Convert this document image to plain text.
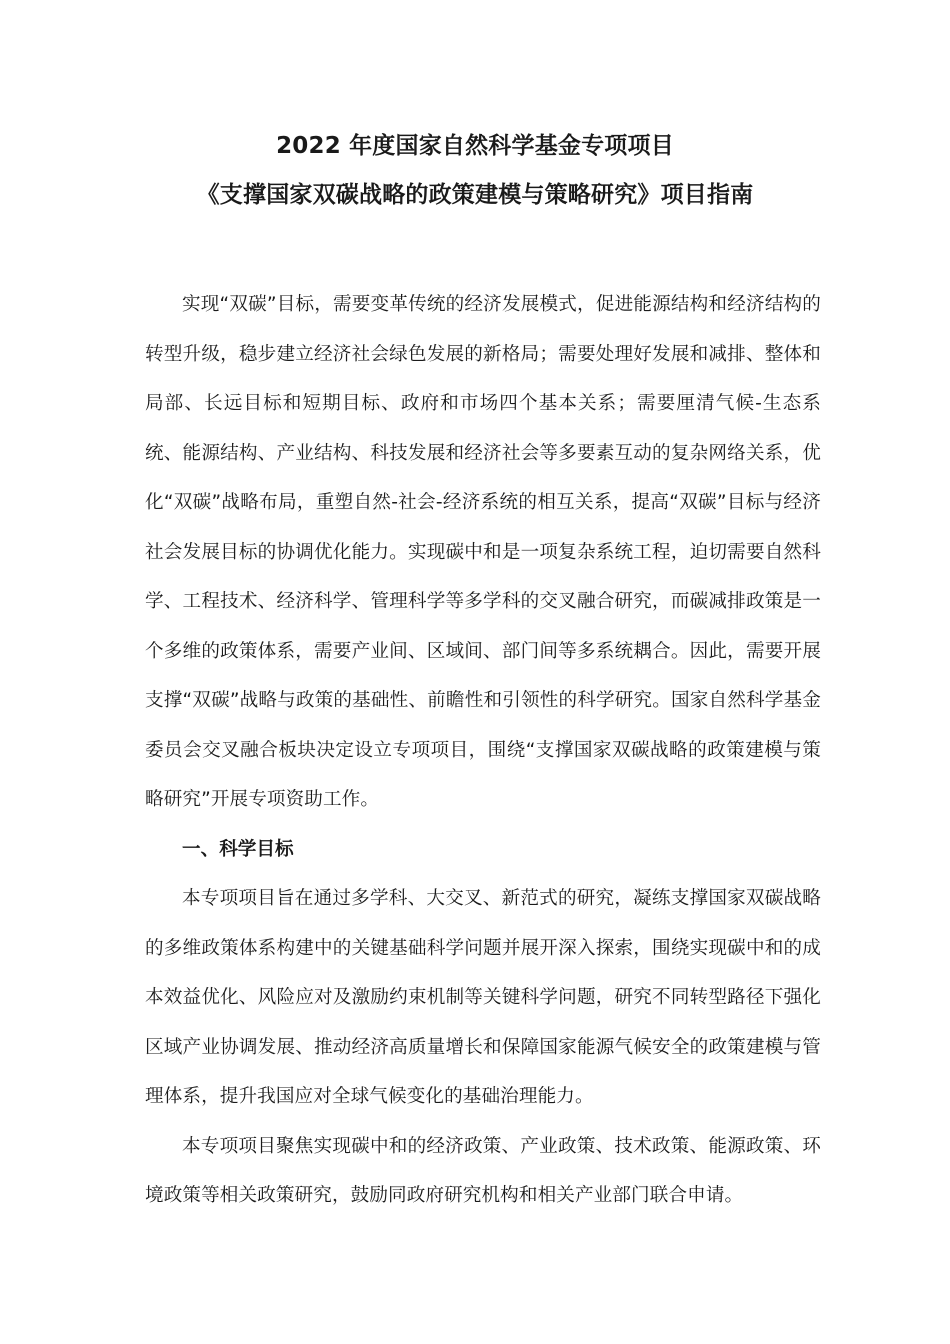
2022 年度国家自然科学基金专项项目

《支撑国家双碳战略的政策建模与策略研究》项目指南

实现“双碳”目标，需要变革传统的经济发展模式，促进能源结构和经济结构的转型升级，稳步建立经济社会绿色发展的新格局；需要处理好发展和减排、整体和局部、长远目标和短期目标、政府和市场四个基本关系；需要厘清气候-生态系统、能源结构、产业结构、科技发展和经济社会等多要素互动的复杂网络关系，优化“双碳”战略布局，重塑自然-社会-经济系统的相互关系，提高“双碳”目标与经济社会发展目标的协调优化能力。实现碳中和是一项复杂系统工程，迫切需要自然科学、工程技术、经济科学、管理科学等多学科的交叉融合研究，而碳减排政策是一个多维的政策体系，需要产业间、区域间、部门间等多系统耦合。因此，需要开展支撑“双碳”战略与政策的基础性、前瞻性和引领性的科学研究。国家自然科学基金委员会交叉融合板块决定设立专项项目，围绕“支撑国家双碳战略的政策建模与策略研究”开展专项资助工作。

一、科学目标

本专项项目旨在通过多学科、大交叉、新范式的研究，凝练支撑国家双碳战略的多维政策体系构建中的关键基础科学问题并展开深入探索，围绕实现碳中和的成本效益优化、风险应对及激励约束机制等关键科学问题，研究不同转型路径下强化区域产业协调发展、推动经济高质量增长和保障国家能源气候安全的政策建模与管理体系，提升我国应对全球气候变化的基础治理能力。

本专项项目聚焦实现碳中和的经济政策、产业政策、技术政策、能源政策、环境政策等相关政策研究，鼓励同政府研究机构和相关产业部门联合申请。
